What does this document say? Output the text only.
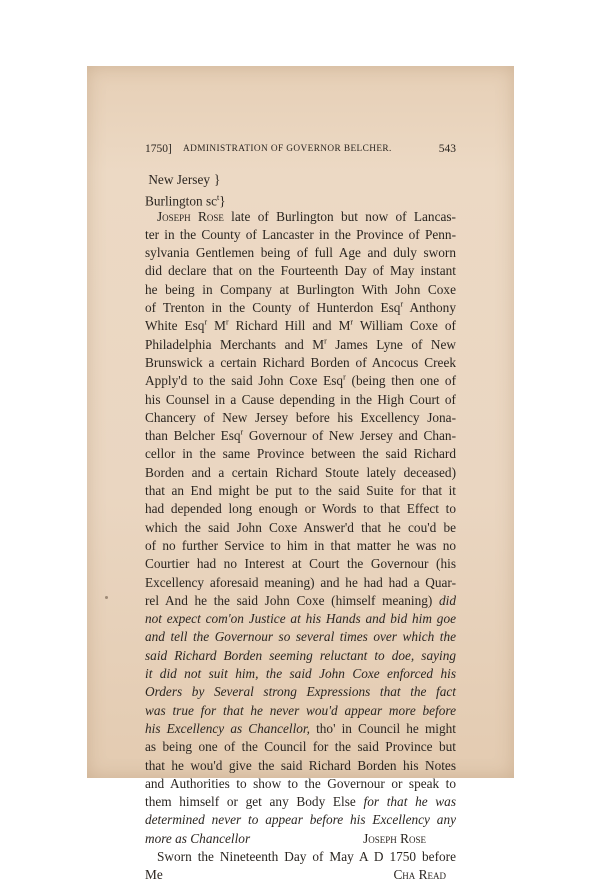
1750] ADMINISTRATION OF GOVERNOR BELCHER.	543
New Jersey }
Burlington $sc^t$}
Joseph Rose late of Burlington but now of Lancas-
ter in the County of Lancaster in the Province of Penn-
sylvania Gentlemen being of full Age and duly sworn
did declare that on the Fourteenth Day of May instant
he being in Company at Burlington With John Coxe
of Trenton in the County of Hunterdon Esq$^r$ Anthony
White Esq$^r$ $M^r$ Richard Hill and $M^r$ William Coxe of
Philadelphia Merchants and $M^r$ James Lyne of New
Brunswick a certain Richard Borden of Ancocus Creek
Apply'd to the said John Coxe Esq$^r$ (being then one of
his Counsel in a Cause depending in the High Court of
Chancery of New Jersey before his Excellency Jona-
than Belcher Esq$^r$ Governour of New Jersey and Chan-
cellor in the same Province between the said Richard
Borden and a certain Richard Stoute lately deceased)
that an End might be put to the said Suite for that it
had depended long enough or Words to that Effect to
which the said John Coxe Answer'd that he cou'd be
of no further Service to him in that matter he was no
Courtier had no Interest at Court the Governour (his
Excellency aforesaid meaning) and he had had a Quar-
rel And he the said John Coxe (himself meaning) did
not expect com'on Justice at his Hands and bid him goe
and tell the Governour so several times over which the
said Richard Borden seeming reluctant to doe, saying
it did not suit him, the said John Coxe enforced his
Orders by Several strong Expressions that the fact
was true for that he never wou'd appear more before
his Excellency as Chancellor, tho' in Council he might
as being one of the Council for the said Province but
that he wou'd give the said Richard Borden his Notes
and Authorities to show to the Governour or speak to
them himself or get any Body Else for that he was
determined never to appear before his Excellency any
more as Chancellor	Joseph Rose
Sworn the Nineteenth Day of May A D 1750 before
Me	Cha Read
